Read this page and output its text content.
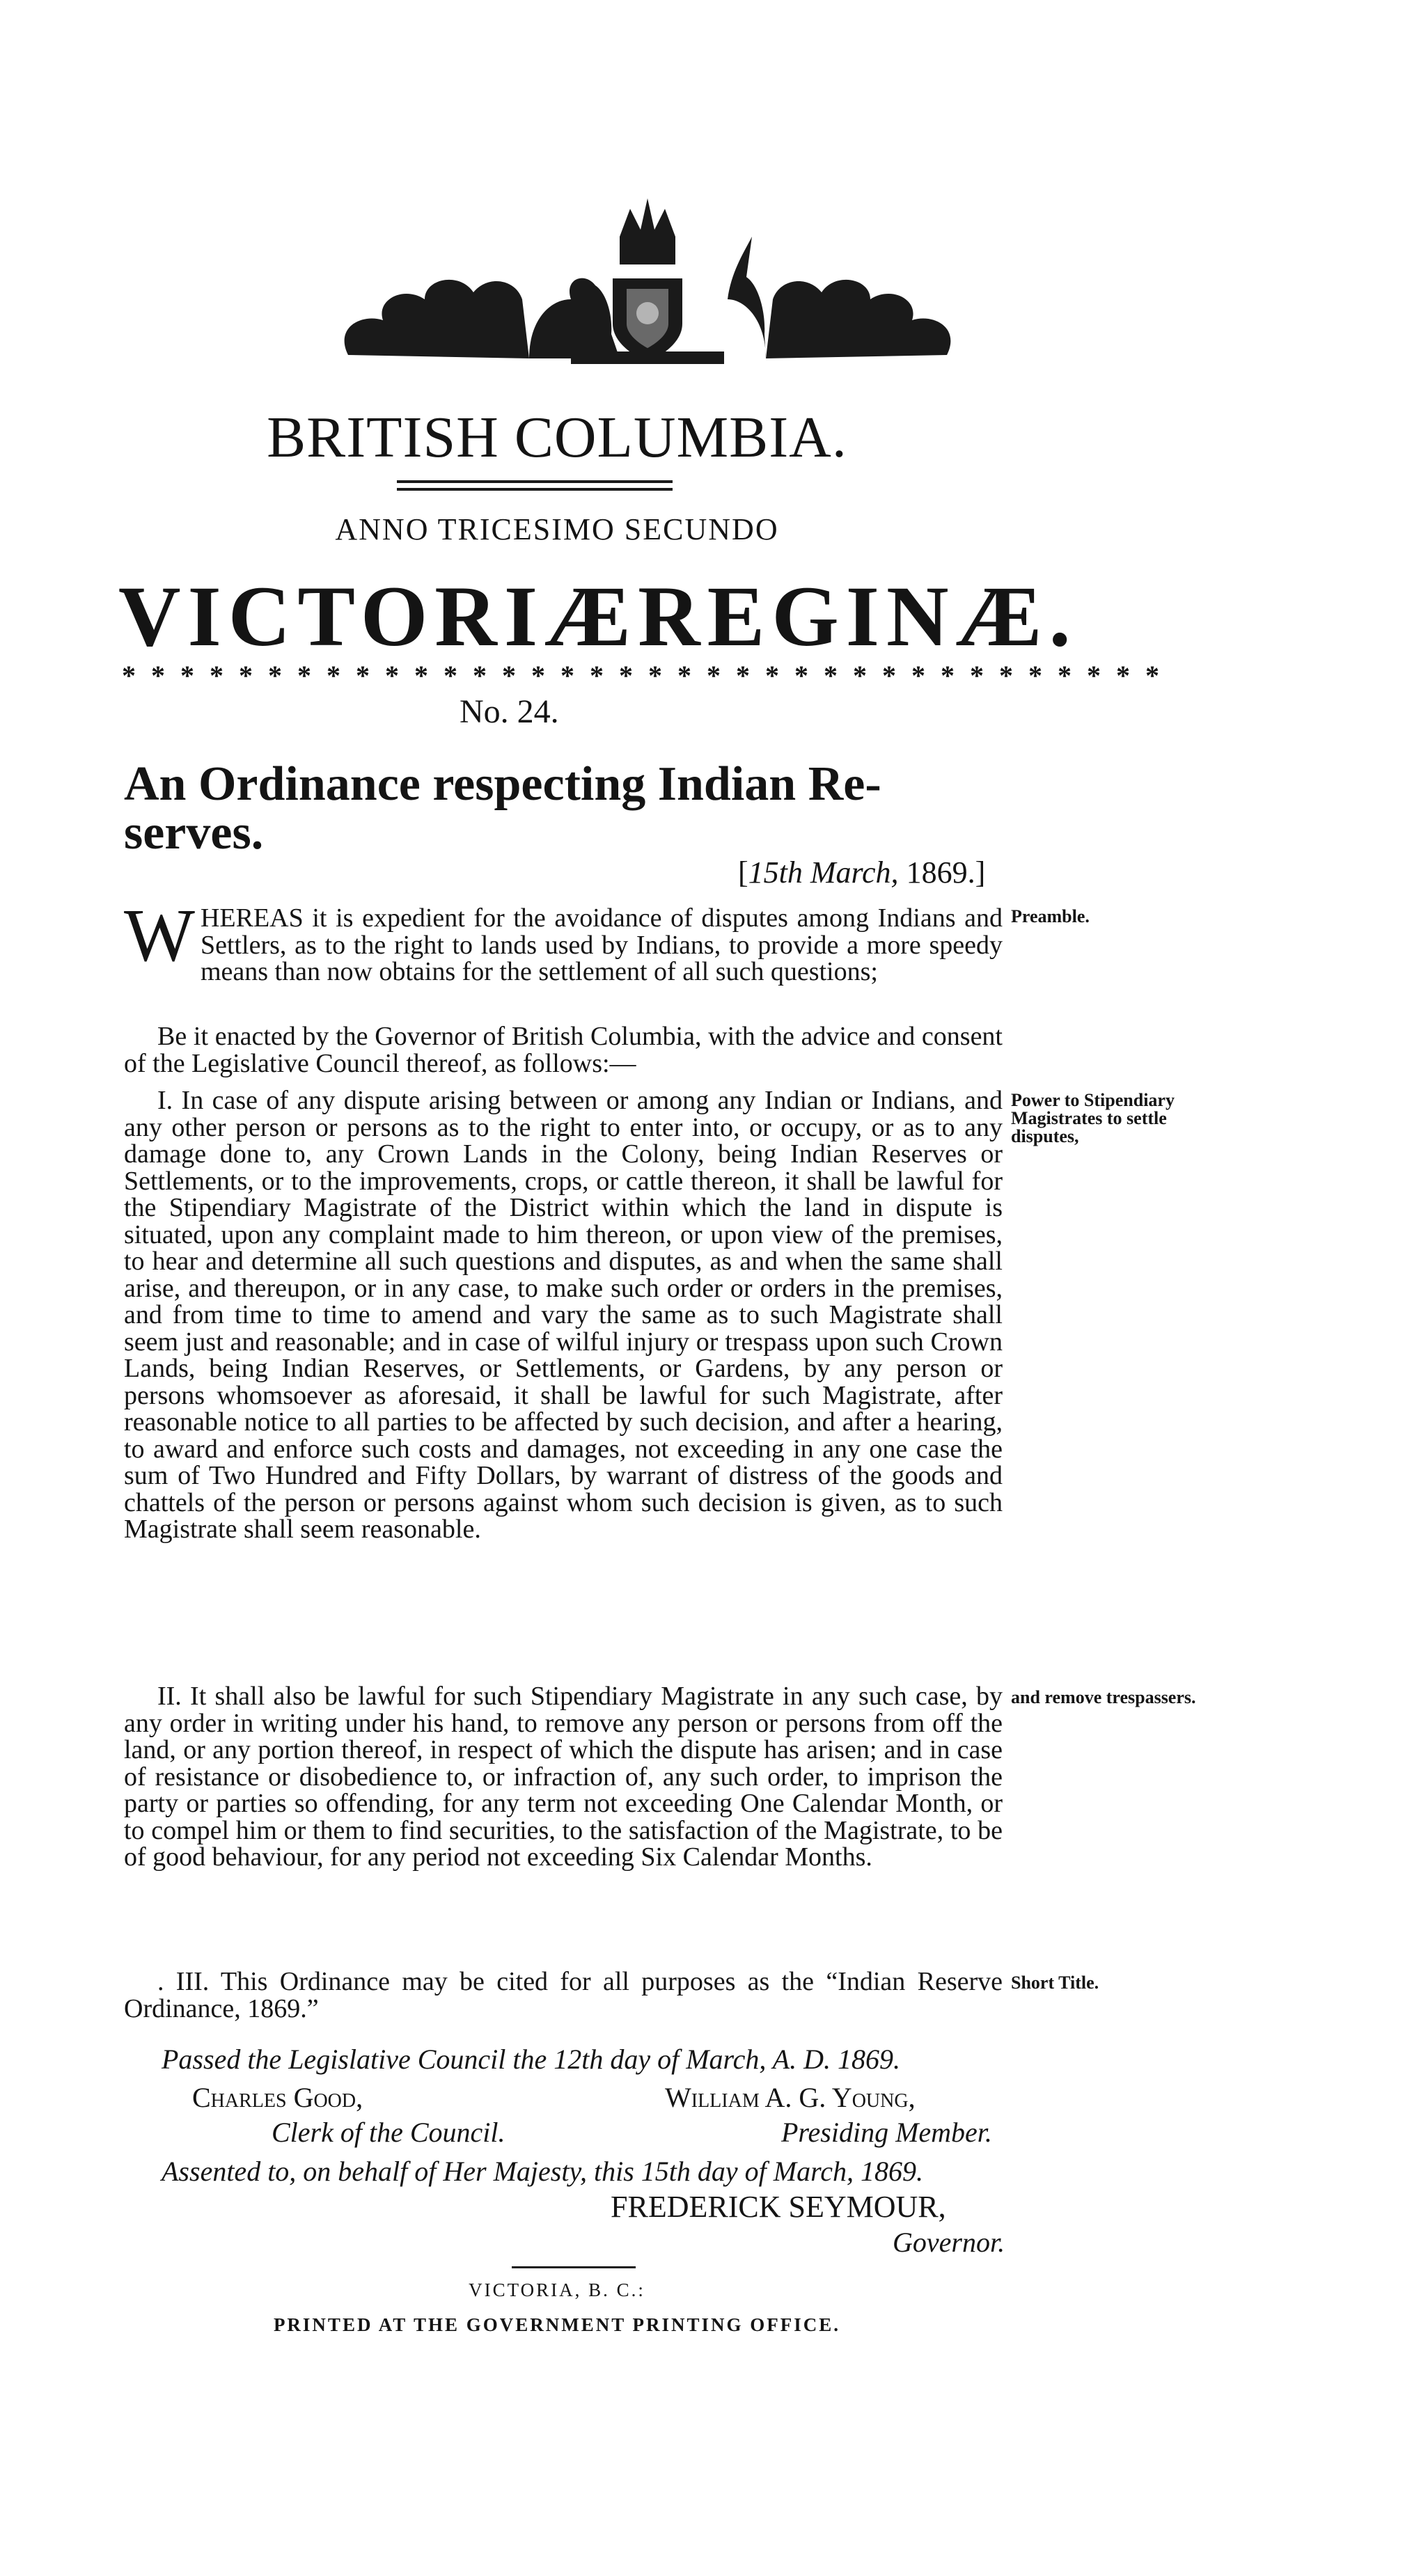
BRITISH COLUMBIA.
ANNO TRICESIMO SECUNDO
VICTORIÆ REGINÆ.
* * * * * * * * * * * * * * * * * * * * * * * * * * * * * * * * * * * *
No. 24.
An Ordinance respecting Indian Re-serves.
[15th March, 1869.]
WHEREAS it is expedient for the avoidance of disputes among Indians and Settlers, as to the right to lands used by Indians, to provide a more speedy means than now obtains for the settlement of all such questions;
Preamble.
Be it enacted by the Governor of British Columbia, with the advice and consent of the Legislative Council thereof, as follows:—
I. In case of any dispute arising between or among any Indian or Indians, and any other person or persons as to the right to enter into, or occupy, or as to any damage done to, any Crown Lands in the Colony, being Indian Reserves or Settlements, or to the improvements, crops, or cattle thereon, it shall be lawful for the Stipendiary Magistrate of the District within which the land in dispute is situated, upon any complaint made to him thereon, or upon view of the premises, to hear and determine all such questions and disputes, as and when the same shall arise, and thereupon, or in any case, to make such order or orders in the premises, and from time to time to amend and vary the same as to such Magistrate shall seem just and reasonable; and in case of wilful injury or trespass upon such Crown Lands, being Indian Reserves, or Settlements, or Gardens, by any person or persons whomsoever as aforesaid, it shall be lawful for such Magistrate, after reasonable notice to all parties to be affected by such decision, and after a hearing, to award and enforce such costs and damages, not exceeding in any one case the sum of Two Hundred and Fifty Dollars, by warrant of distress of the goods and chattels of the person or persons against whom such decision is given, as to such Magistrate shall seem reasonable.
Power to Stipendiary Magistrates to settle disputes,
II. It shall also be lawful for such Stipendiary Magistrate in any such case, by any order in writing under his hand, to remove any person or persons from off the land, or any portion thereof, in respect of which the dispute has arisen; and in case of resistance or disobedience to, or infraction of, any such order, to imprison the party or parties so offending, for any term not exceeding One Calendar Month, or to compel him or them to find securities, to the satisfaction of the Magistrate, to be of good behaviour, for any period not exceeding Six Calendar Months.
and remove trespassers.
. III. This Ordinance may be cited for all purposes as the “Indian Reserve Ordinance, 1869.”
Short Title.
Passed the Legislative Council the 12th day of March, A. D. 1869.
Charles Good,	William A. G. Young,
Clerk of the Council.	Presiding Member.
Assented to, on behalf of Her Majesty, this 15th day of March, 1869.
FREDERICK SEYMOUR,
Governor.
VICTORIA, B. C.:
PRINTED AT THE GOVERNMENT PRINTING OFFICE.
